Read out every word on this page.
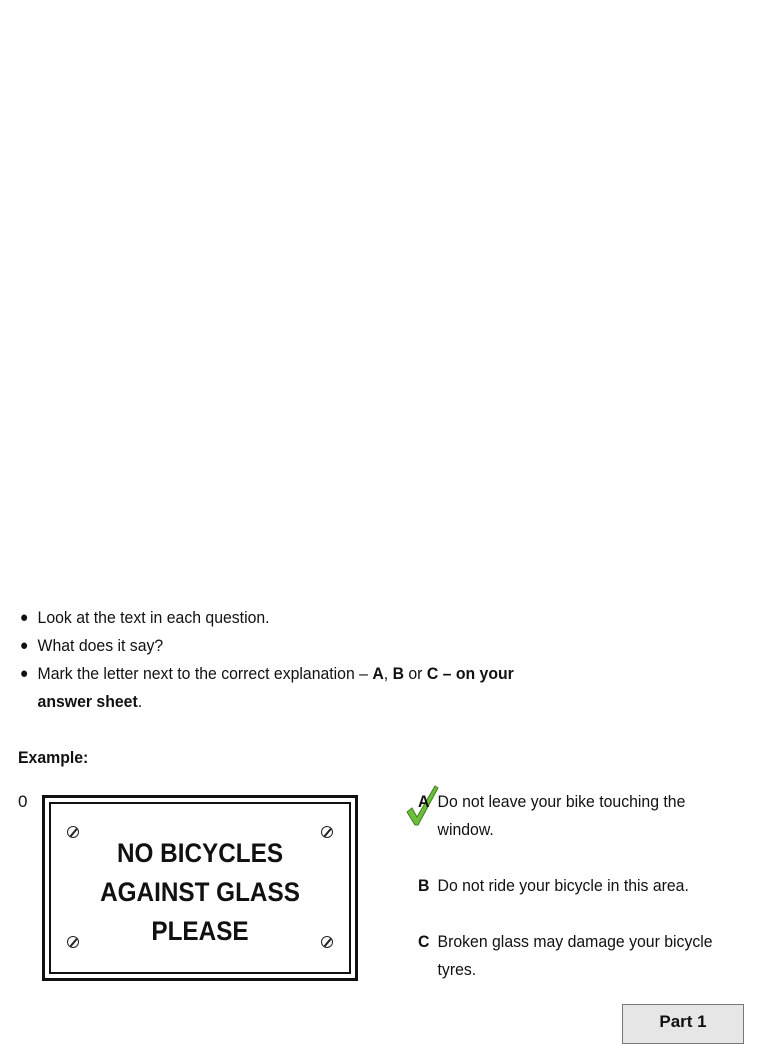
● Look at the text in each question.
● What does it say?
● Mark the letter next to the correct explanation – A, B or C – on your answer sheet.
Example:
0
NO BICYCLES
AGAINST GLASS
PLEASE
A Do not leave your bike touching the window.
B Do not ride your bicycle in this area.
C Broken glass may damage your bicycle tyres.
Part 1
